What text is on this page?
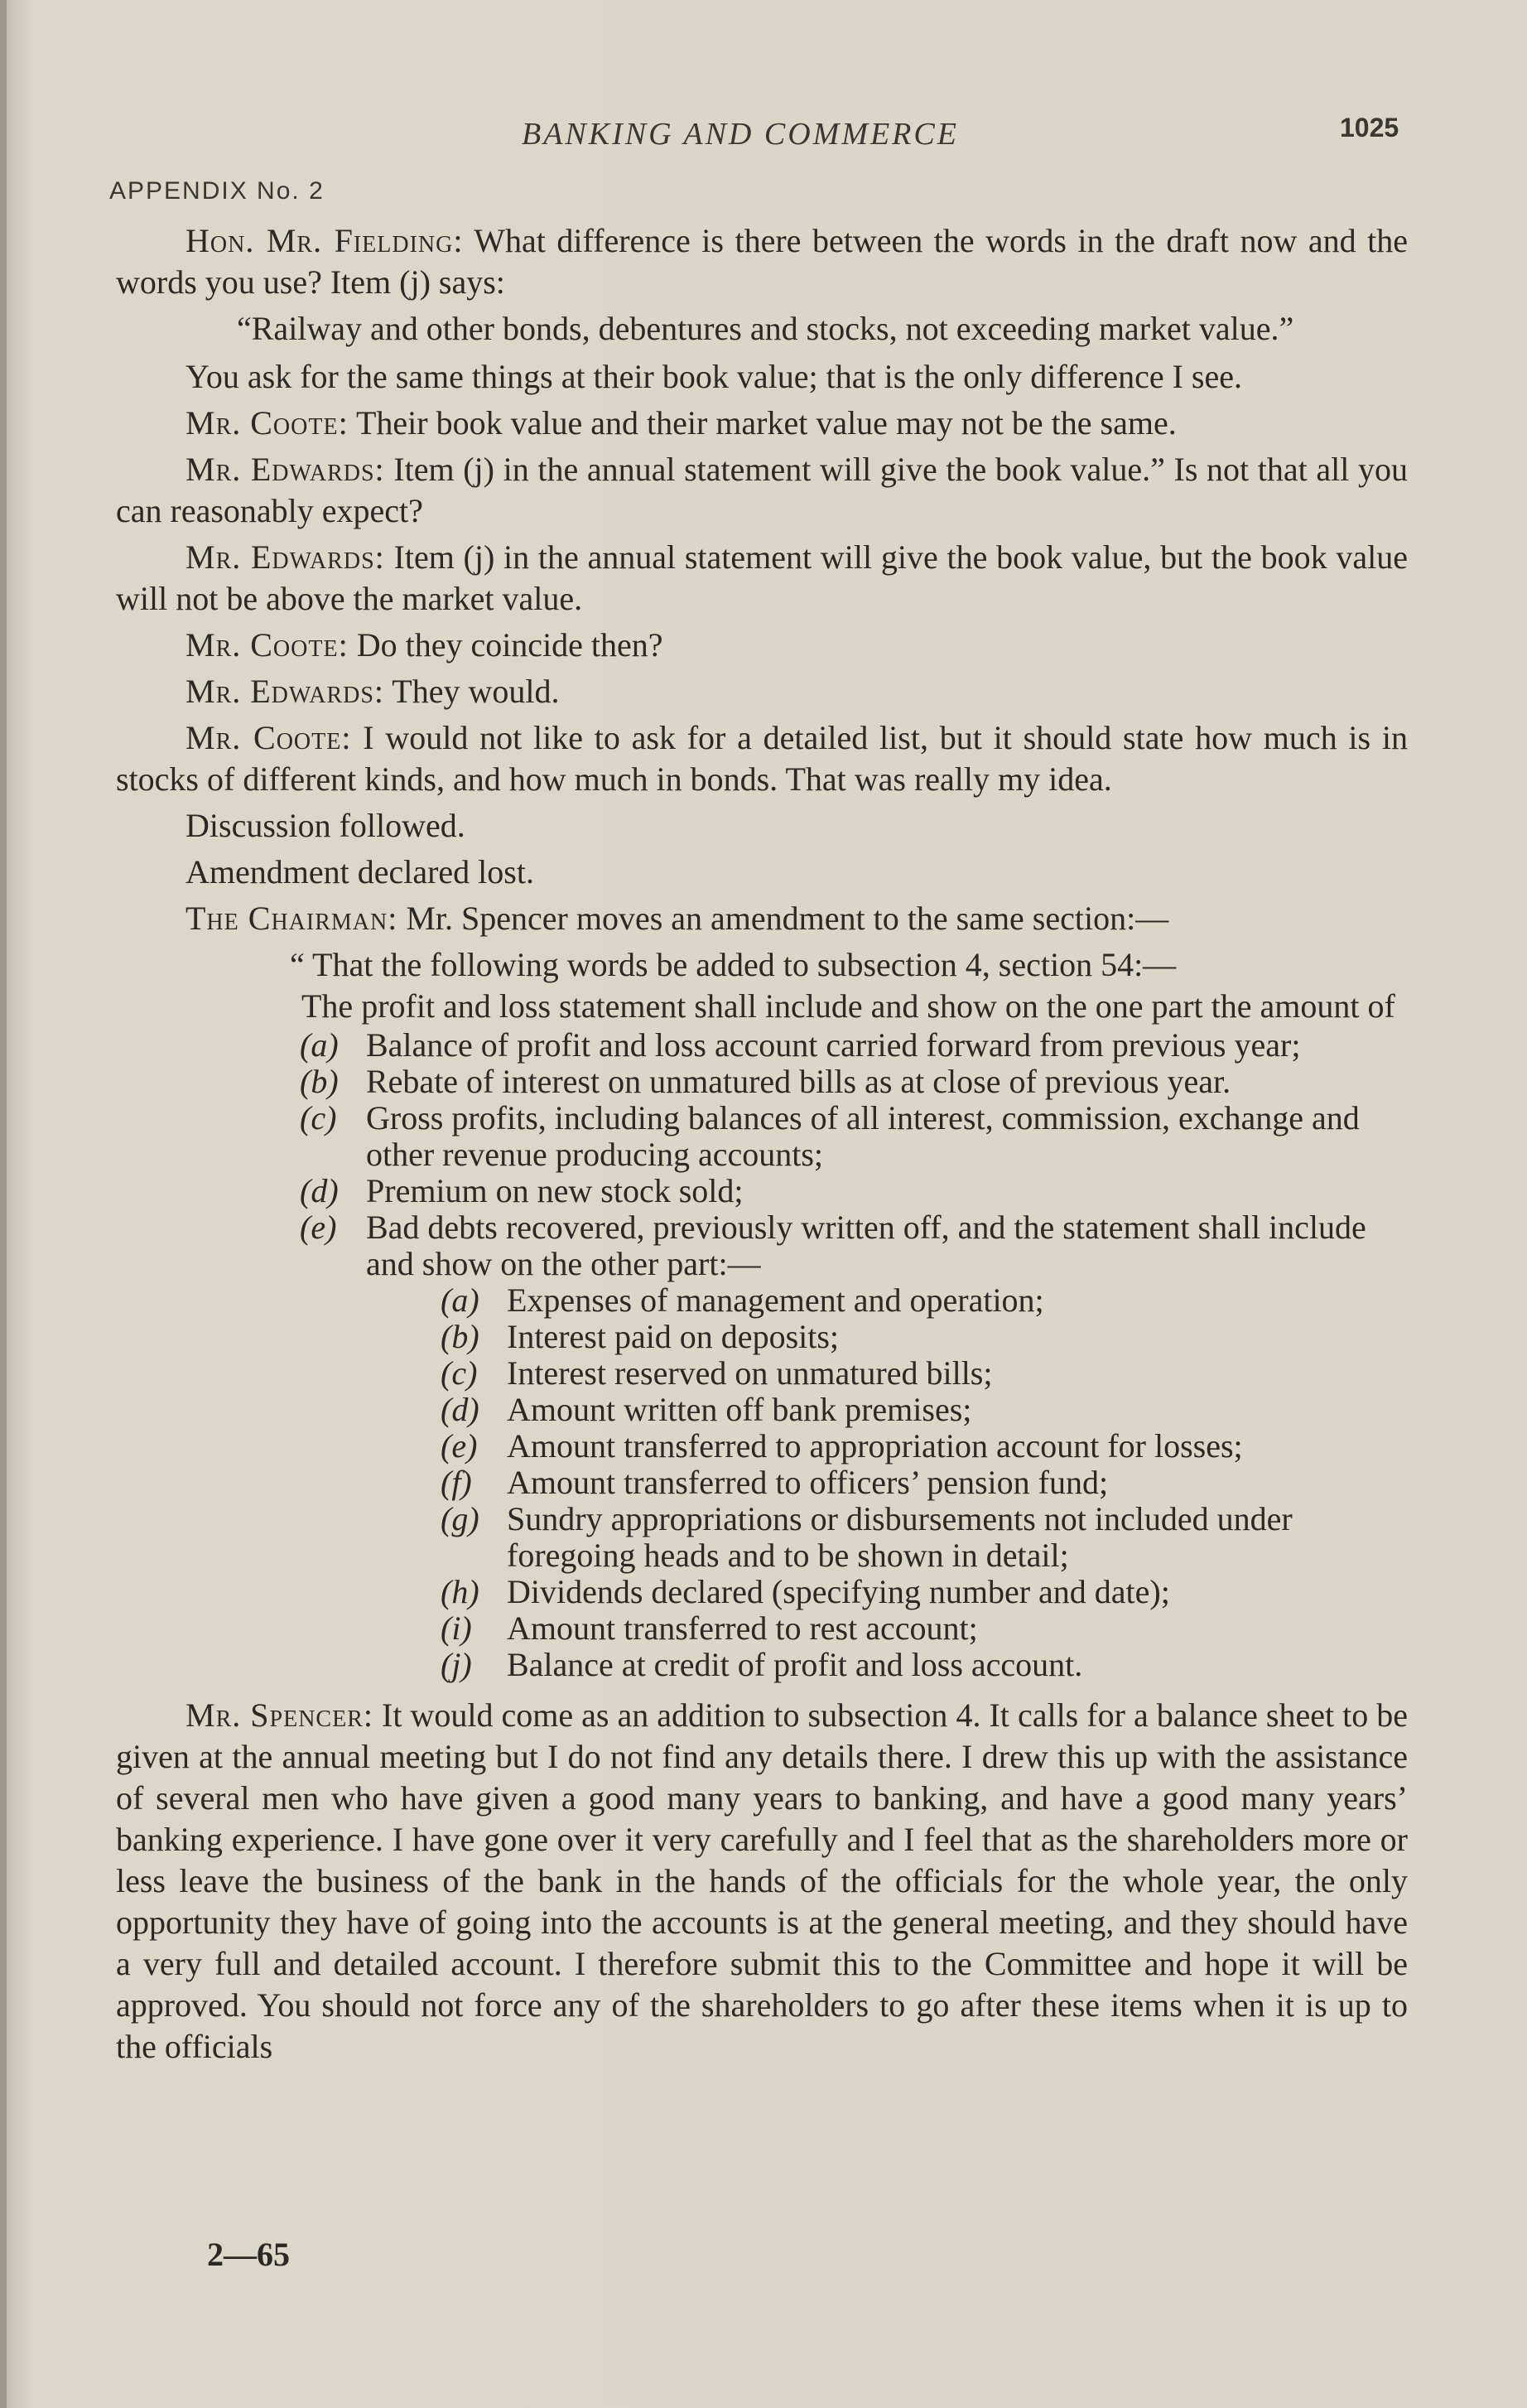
BANKING AND COMMERCE	1025
APPENDIX No. 2

Hon. Mr. Fielding: What difference is there between the words in the draft now and the words you use? Item (j) says:

“Railway and other bonds, debentures and stocks, not exceeding market value.”

You ask for the same things at their book value; that is the only difference I see.

Mr. Coote: Their book value and their market value may not be the same.

Mr. Edwards: Item (j) in the annual statement will give the book value.” Is not that all you can reasonably expect?

Mr. Edwards: Item (j) in the annual statement will give the book value, but the book value will not be above the market value.

Mr. Coote: Do they coincide then?

Mr. Edwards: They would.

Mr. Coote: I would not like to ask for a detailed list, but it should state how much is in stocks of different kinds, and how much in bonds. That was really my idea.

Discussion followed.

Amendment declared lost.

The Chairman: Mr. Spencer moves an amendment to the same section:—

“ That the following words be added to subsection 4, section 54:—
The profit and loss statement shall include and show on the one part the amount of
(a) Balance of profit and loss account carried forward from previous year;
(b) Rebate of interest on unmatured bills as at close of previous year.
(c) Gross profits, including balances of all interest, commission, exchange and other revenue producing accounts;
(d) Premium on new stock sold;
(e) Bad debts recovered, previously written off, and the statement shall include and show on the other part:—
(a) Expenses of management and operation;
(b) Interest paid on deposits;
(c) Interest reserved on unmatured bills;
(d) Amount written off bank premises;
(e) Amount transferred to appropriation account for losses;
(f) Amount transferred to officers’ pension fund;
(g) Sundry appropriations or disbursements not included under foregoing heads and to be shown in detail;
(h) Dividends declared (specifying number and date);
(i) Amount transferred to rest account;
(j) Balance at credit of profit and loss account.

Mr. Spencer: It would come as an addition to subsection 4. It calls for a balance sheet to be given at the annual meeting but I do not find any details there. I drew this up with the assistance of several men who have given a good many years to banking, and have a good many years’ banking experience. I have gone over it very carefully and I feel that as the shareholders more or less leave the business of the bank in the hands of the officials for the whole year, the only opportunity they have of going into the accounts is at the general meeting, and they should have a very full and detailed account. I therefore submit this to the Committee and hope it will be approved. You should not force any of the shareholders to go after these items when it is up to the officials

2—65
